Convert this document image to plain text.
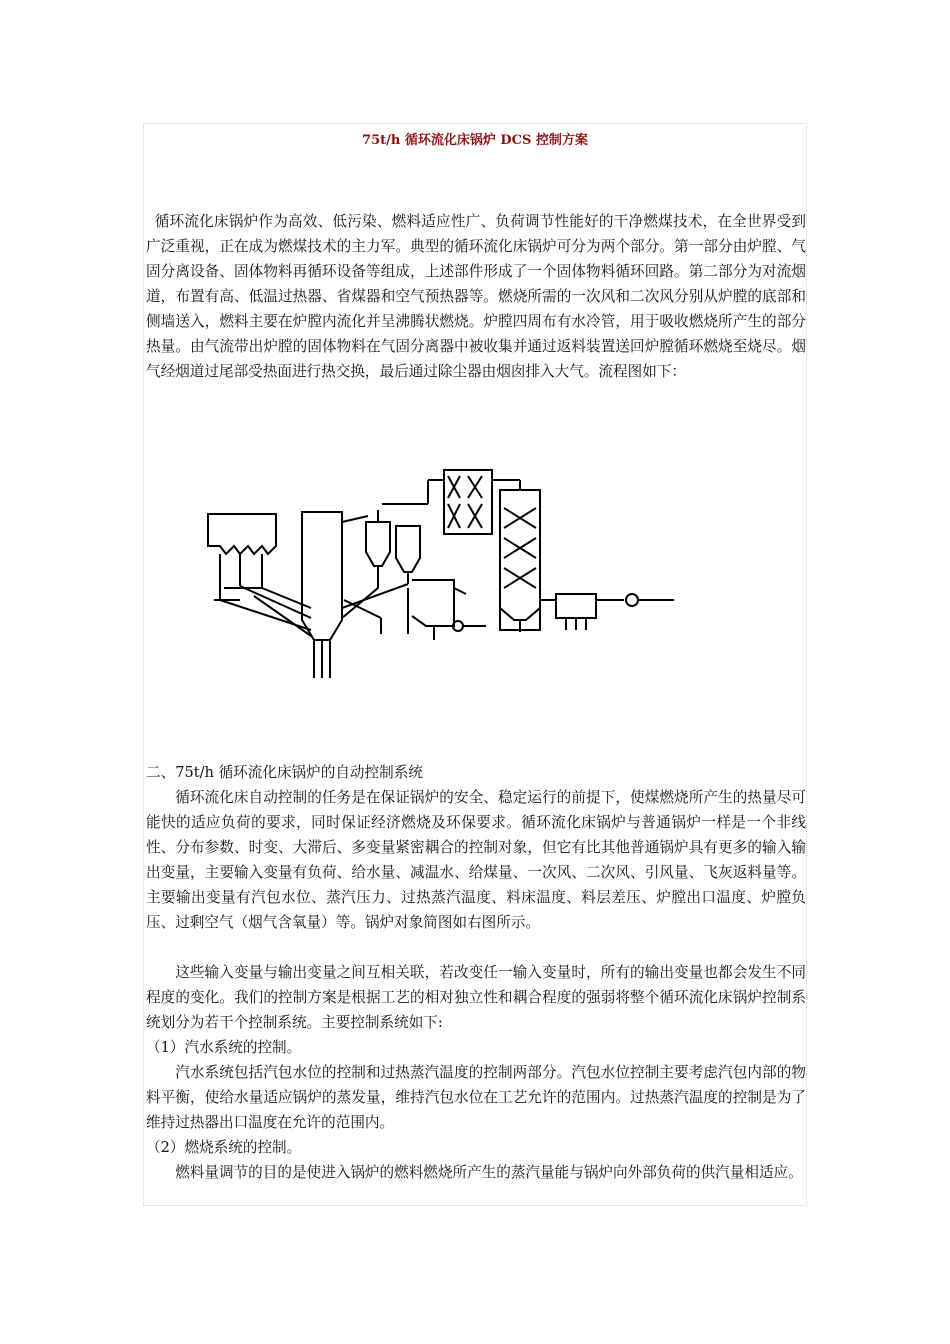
75t/h 循环流化床锅炉 DCS 控制方案

循环流化床锅炉作为高效、低污染、燃料适应性广、负荷调节性能好的干净燃煤技术，在全世界受到广泛重视，正在成为燃煤技术的主力军。典型的循环流化床锅炉可分为两个部分。第一部分由炉膛、气固分离设备、固体物料再循环设备等组成，上述部件形成了一个固体物料循环回路。第二部分为对流烟道，布置有高、低温过热器、省煤器和空气预热器等。燃烧所需的一次风和二次风分别从炉膛的底部和侧墙送入，燃料主要在炉膛内流化并呈沸腾状燃烧。炉膛四周布有水冷管，用于吸收燃烧所产生的部分热量。由气流带出炉膛的固体物料在气固分离器中被收集并通过返料装置送回炉膛循环燃烧至烧尽。烟气经烟道过尾部受热面进行热交换，最后通过除尘器由烟囱排入大气。流程图如下：

二、75t/h 循环流化床锅炉的自动控制系统

循环流化床自动控制的任务是在保证锅炉的安全、稳定运行的前提下，使煤燃烧所产生的热量尽可能快的适应负荷的要求，同时保证经济燃烧及环保要求。循环流化床锅炉与普通锅炉一样是一个非线性、分布参数、时变、大滞后、多变量紧密耦合的控制对象，但它有比其他普通锅炉具有更多的输入输出变量，主要输入变量有负荷、给水量、减温水、给煤量、一次风、二次风、引风量、飞灰返料量等。主要输出变量有汽包水位、蒸汽压力、过热蒸汽温度、料床温度、料层差压、炉膛出口温度、炉膛负压、过剩空气（烟气含氧量）等。锅炉对象简图如右图所示。

这些输入变量与输出变量之间互相关联，若改变任一输入变量时，所有的输出变量也都会发生不同程度的变化。我们的控制方案是根据工艺的相对独立性和耦合程度的强弱将整个循环流化床锅炉控制系统划分为若干个控制系统。主要控制系统如下:

（1）汽水系统的控制。

汽水系统包括汽包水位的控制和过热蒸汽温度的控制两部分。汽包水位控制主要考虑汽包内部的物料平衡，使给水量适应锅炉的蒸发量，维持汽包水位在工艺允许的范围内。过热蒸汽温度的控制是为了维持过热器出口温度在允许的范围内。

（2）燃烧系统的控制。

燃料量调节的目的是使进入锅炉的燃料燃烧所产生的蒸汽量能与锅炉向外部负荷的供汽量相适应。
